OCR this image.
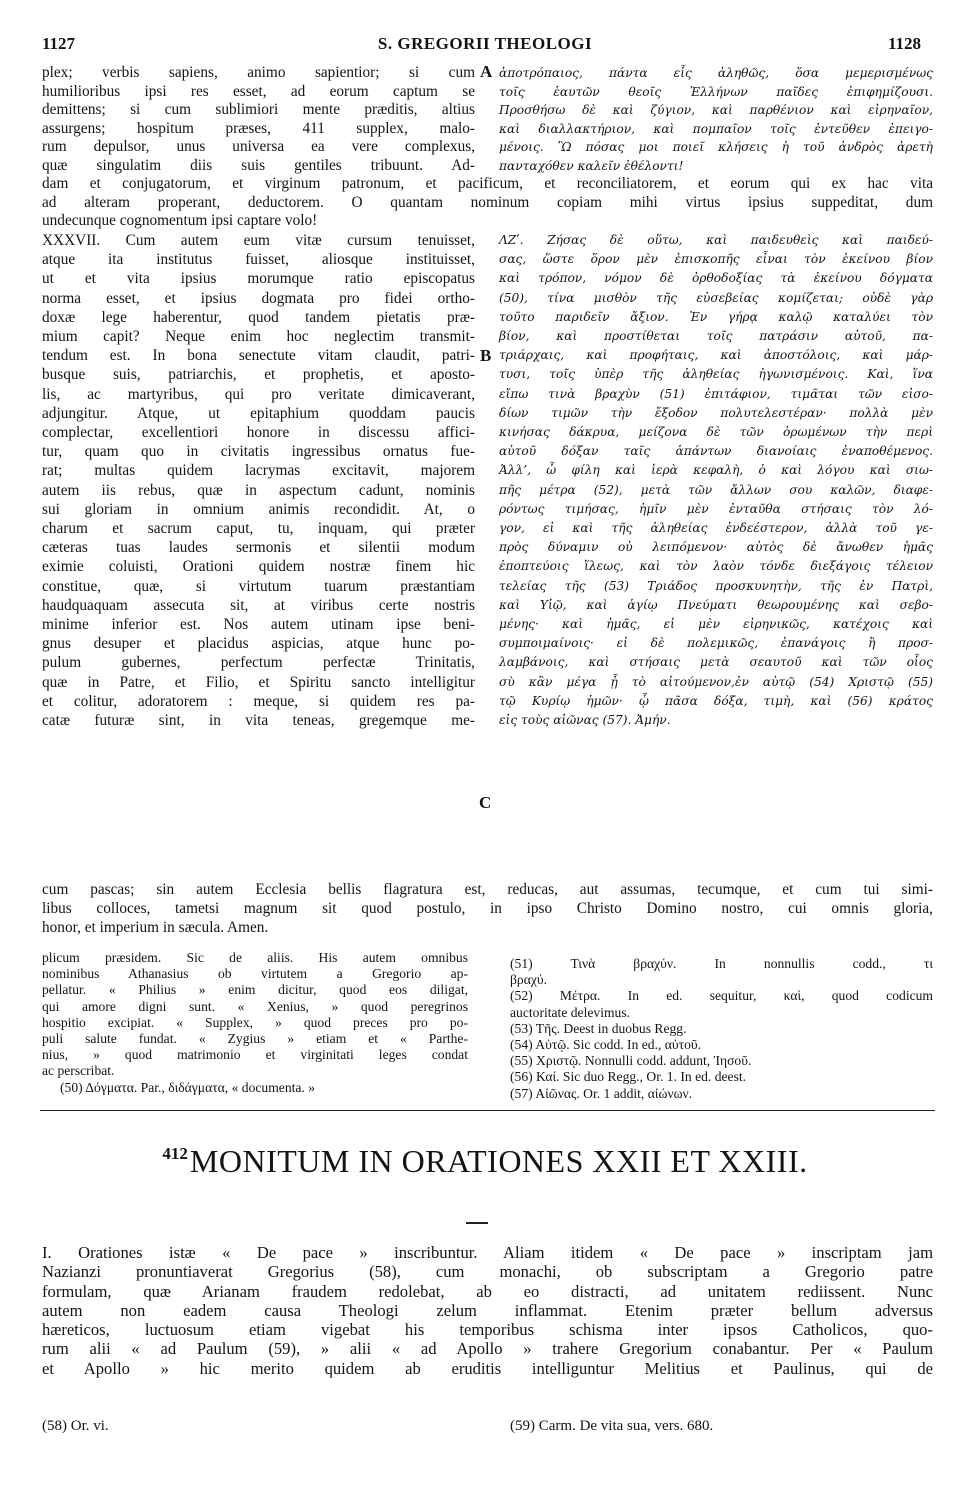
1127	S. GREGORII THEOLOGI	1128
plex; verbis sapiens, animo sapientior; si cum
humilioribus ipsi res esset, ad eorum captum se
demittens; si cum sublimiori mente præditis, altius
assurgens; hospitum præses, 411 supplex, malo-
rum depulsor, unus universa ea vere complexus,
quæ singulatim diis suis gentiles tribuunt. Ad-
A ἀποτρόπαιος, πάντα εἷς ἀληθῶς, ὅσα μεμερισμένως
τοῖς ἑαυτῶν θεοῖς Ἑλλήνων παῖδες ἐπιφημίζουσι.
Προσθήσω δὲ καὶ ζύγιον, καὶ παρθένιον καὶ εἰρηναῖον,
καὶ διαλλακτήριον, καὶ πομπαῖον τοῖς ἐντεῦθεν ἐπειγο-
μένοις. Ὢ πόσας μοι ποιεῖ κλήσεις ἡ τοῦ ἀνδρὸς ἀρετὴ
πανταχόθεν καλεῖν ἐθέλοντι!
dam et conjugatorum, et virginum patronum, et pacificum, et reconciliatorem, et eorum qui ex hac vita
ad alteram properant, deductorem. O quantam nominum copiam mihi virtus ipsius suppeditat, dum
undecunque cognomentum ipsi captare volo!
XXXVII. Cum autem eum vitæ cursum tenuisset,
atque ita institutus fuisset, aliosque instituisset,
ut et vita ipsius morumque ratio episcopatus
norma esset, et ipsius dogmata pro fidei ortho-
doxæ lege haberentur, quod tandem pietatis præ-
mium capit? Neque enim hoc neglectim transmit-
tendum est. In bona senectute vitam claudit, patri-
busque suis, patriarchis, et prophetis, et aposto-
lis, ac martyribus, qui pro veritate dimicaverant,
adjungitur. Atque, ut epitaphium quoddam paucis
complectar, excellentiori honore in discessu affici-
tur, quam quo in civitatis ingressibus ornatus fue-
rat; multas quidem lacrymas excitavit, majorem
autem iis rebus, quæ in aspectum cadunt, nominis
sui gloriam in omnium animis recondidit. At, o
charum et sacrum caput, tu, inquam, qui præter
cæteras tuas laudes sermonis et silentii modum
eximie coluisti, Orationi quidem nostræ finem hic
constitue, quæ, si virtutum tuarum præstantiam
haudquaquam assecuta sit, at viribus certe nostris
minime inferior est. Nos autem utinam ipse beni-
gnus desuper et placidus aspicias, atque hunc po-
pulum gubernes, perfectum perfectæ Trinitatis,
quæ in Patre, et Filio, et Spiritu sancto intelligitur
et colitur, adoratorem : meque, si quidem res pa-
catæ futuræ sint, in vita teneas, gregemque me-
B
C
ΛΖʹ. Ζήσας δὲ οὕτω, καὶ παιδευθεὶς καὶ παιδεύ-
σας, ὥστε ὅρον μὲν ἐπισκοπῆς εἶναι τὸν ἐκείνου βίον
καὶ τρόπον, νόμον δὲ ὀρθοδοξίας τὰ ἐκείνου δόγματα
(50), τίνα μισθὸν τῆς εὐσεβείας κομίζεται; οὐδὲ γὰρ
τοῦτο παριδεῖν ἄξιον. Ἐν γήρᾳ καλῷ καταλύει τὸν
βίον, καὶ προστίθεται τοῖς πατράσιν αὐτοῦ, πα-
τριάρχαις, καὶ προφήταις, καὶ ἀποστόλοις, καὶ μάρ-
τυσι, τοῖς ὑπὲρ τῆς ἀληθείας ἠγωνισμένοις. Καὶ, ἵνα
εἴπω τινὰ βραχὺν (51) ἐπιτάφιον, τιμᾶται τῶν εἰσο-
δίων τιμῶν τὴν ἔξοδον πολυτελεστέραν· πολλὰ μὲν
κινήσας δάκρυα, μείζονα δὲ τῶν ὁρωμένων τὴν περὶ
αὐτοῦ δόξαν ταῖς ἁπάντων διανοίαις ἐναποθέμενος.
Ἀλλ’, ὦ φίλη καὶ ἱερὰ κεφαλὴ, ὁ καὶ λόγου καὶ σιω-
πῆς μέτρα (52), μετὰ τῶν ἄλλων σου καλῶν, διαφε-
ρόντως τιμήσας, ἡμῖν μὲν ἐνταῦθα στήσαις τὸν λό-
γον, εἰ καὶ τῆς ἀληθείας ἐνδεέστερον, ἀλλὰ τοῦ γε-
πρὸς δύναμιν οὐ λειπόμενον· αὐτὸς δὲ ἄνωθεν ἡμᾶς
ἐποπτεύοις ἵλεως, καὶ τὸν λαὸν τόνδε διεξάγοις τέλειον
τελείας τῆς (53) Τριάδος προσκυνητὴν, τῆς ἐν Πατρὶ,
καὶ Υἱῷ, καὶ ἁγίῳ Πνεύματι θεωρουμένης καὶ σεβο-
μένης· καὶ ἡμᾶς, εἰ μὲν εἰρηνικῶς, κατέχοις καὶ
συμποιμαίνοις· εἰ δὲ πολεμικῶς, ἐπανάγοις ἢ προσ-
λαμβάνοις, καὶ στήσαις μετὰ σεαυτοῦ καὶ τῶν οἷος
σὺ κἂν μέγα ᾖ τὸ αἰτούμενον,ἐν αὐτῷ (54) Χριστῷ (55)
τῷ Κυρίῳ ἡμῶν· ᾧ πᾶσα δόξα, τιμὴ, καὶ (56) κράτος
εἰς τοὺς αἰῶνας (57). Ἀμήν.
cum pascas; sin autem Ecclesia bellis flagratura est, reducas, aut assumas, tecumque, et cum tui simi-
libus colloces, tametsi magnum sit quod postulo, in ipso Christo Domino nostro, cui omnis gloria,
honor, et imperium in sæcula. Amen.
plicum præsidem. Sic de aliis. His autem omnibus
nominibus Athanasius ob virtutem a Gregorio ap-
pellatur. « Philius » enim dicitur, quod eos diligat,
qui amore digni sunt. « Xenius, » quod peregrinos
hospitio excipiat. « Supplex, » quod preces pro po-
puli salute fundat. « Zygius » etiam et « Parthe-
nius, » quod matrimonio et virginitati leges condat
ac perscribat.
(50) Δόγματα. Par., διδάγματα, « documenta. »
(51) Τινὰ βραχύν. In nonnullis codd., τι
βραχύ.
(52) Μέτρα. In ed. sequitur, καὶ, quod codicum
auctoritate delevimus.
(53) Τῆς. Deest in duobus Regg.
(54) Αὐτῷ. Sic codd. In ed., αὐτοῦ.
(55) Χριστῷ. Nonnulli codd. addunt, Ἰησοῦ.
(56) Καί. Sic duo Regg., Or. 1. In ed. deest.
(57) Αἰῶνας. Or. 1 addit, αἰώνων.
412MONITUM IN ORATIONES XXII ET XXIII.
I. Orationes istæ « De pace » inscribuntur. Aliam itidem « De pace » inscriptam jam
Nazianzi pronuntiaverat Gregorius (58), cum monachi, ob subscriptam a Gregorio patre
formulam, quæ Arianam fraudem redolebat, ab eo distracti, ad unitatem rediissent. Nunc
autem non eadem causa Theologi zelum inflammat. Etenim præter bellum adversus
hæreticos, luctuosum etiam vigebat his temporibus schisma inter ipsos Catholicos, quo-
rum alii « ad Paulum (59), » alii « ad Apollo » trahere Gregorium conabantur. Per « Paulum
et Apollo » hic merito quidem ab eruditis intelliguntur Melitius et Paulinus, qui de
(58) Or. vi.	(59) Carm. De vita sua, vers. 680.
